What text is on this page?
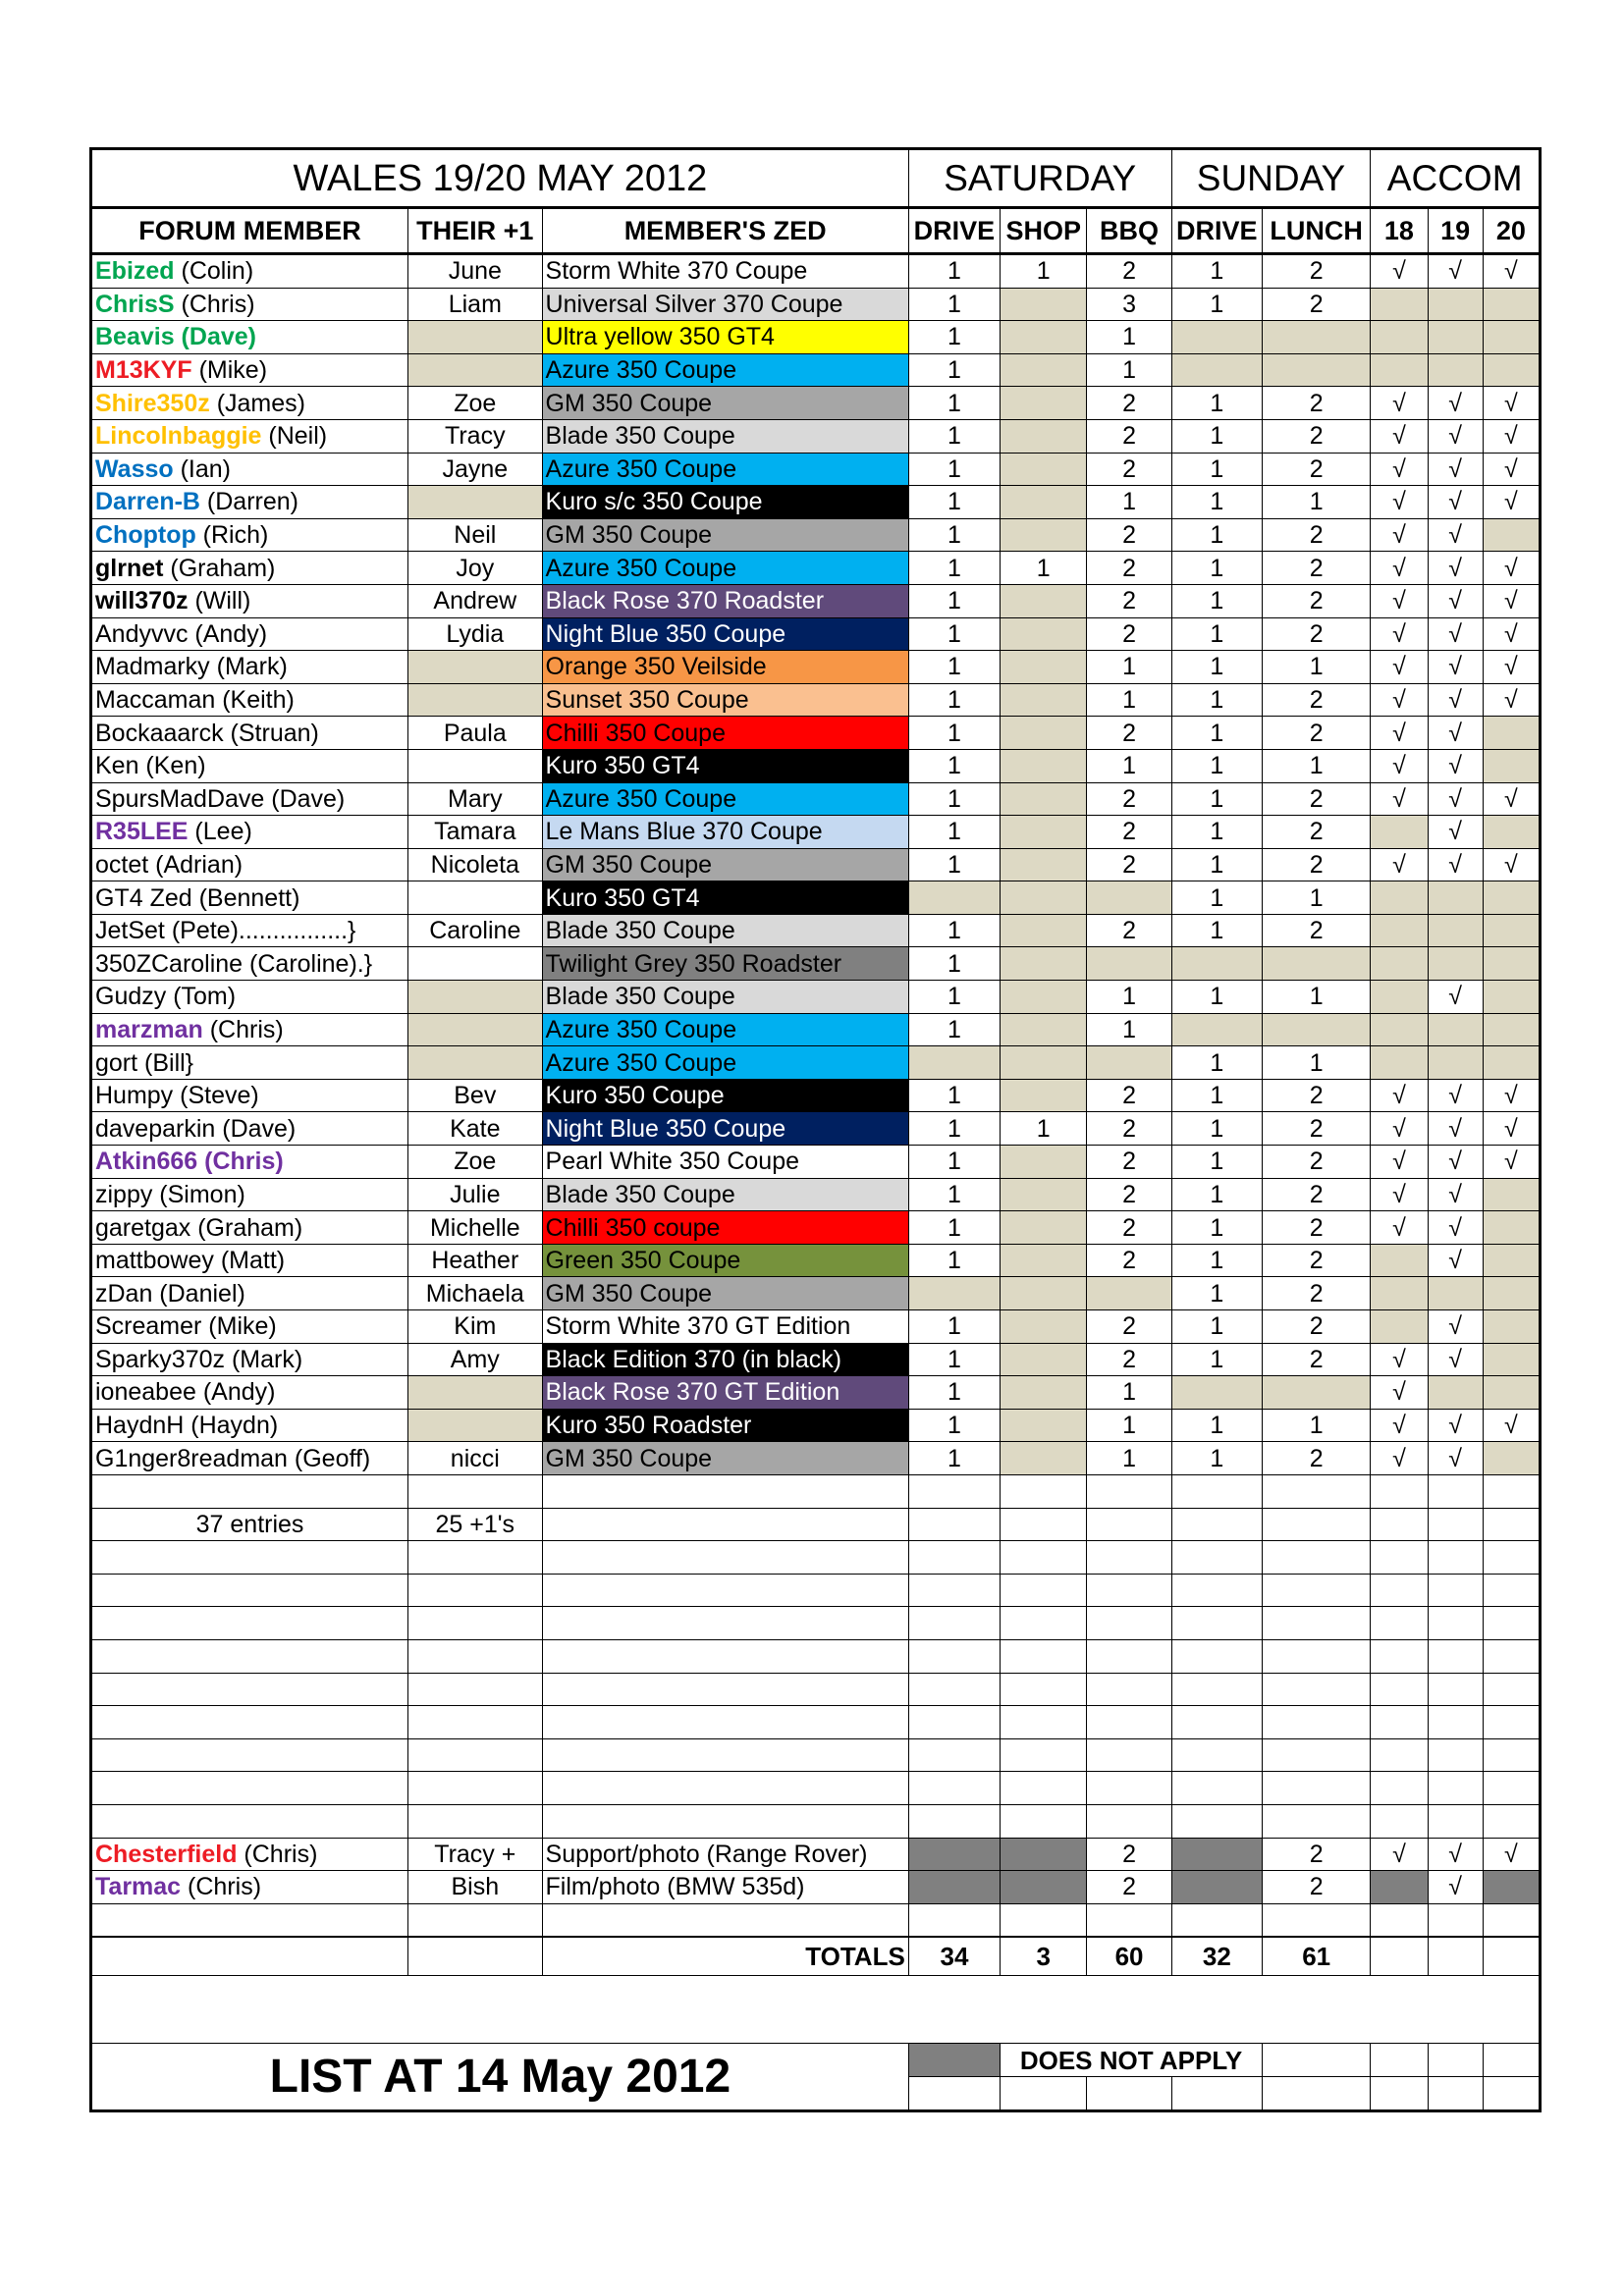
WALES 19/20 MAY 2012			SATURDAY			SUNDAY		ACCOM		
FORUM MEMBER	THEIR +1	MEMBER'S ZED	DRIVE	SHOP	BBQ	DRIVE	LUNCH	18	19	20
Ebized (Colin)	June	Storm White 370 Coupe	1	1	2	1	2	√	√	√
ChrisS (Chris)	Liam	Universal Silver 370 Coupe	1		3	1	2			
Beavis (Dave)		Ultra yellow 350 GT4	1		1					
M13KYF (Mike)		Azure 350 Coupe	1		1					
Shire350z (James)	Zoe	GM 350 Coupe	1		2	1	2	√	√	√
Lincolnbaggie (Neil)	Tracy	Blade 350 Coupe	1		2	1	2	√	√	√
Wasso (Ian)	Jayne	Azure 350 Coupe	1		2	1	2	√	√	√
Darren-B (Darren)		Kuro s/c 350 Coupe	1		1	1	1	√	√	√
Choptop (Rich)	Neil	GM 350 Coupe	1		2	1	2	√	√	
glrnet (Graham)	Joy	Azure 350 Coupe	1	1	2	1	2	√	√	√
will370z (Will)	Andrew	Black Rose 370 Roadster	1		2	1	2	√	√	√
Andyvvc (Andy)	Lydia	Night Blue 350 Coupe	1		2	1	2	√	√	√
Madmarky (Mark)		Orange 350 Veilside	1		1	1	1	√	√	√
Maccaman (Keith)		Sunset 350 Coupe	1		1	1	2	√	√	√
Bockaaarck (Struan)	Paula	Chilli 350 Coupe	1		2	1	2	√	√	
Ken (Ken)		Kuro 350 GT4	1		1	1	1	√	√	
SpursMadDave (Dave)	Mary	Azure 350 Coupe	1		2	1	2	√	√	√
R35LEE (Lee)	Tamara	Le Mans Blue 370 Coupe	1		2	1	2		√	
octet (Adrian)	Nicoleta	GM 350 Coupe	1		2	1	2	√	√	√
GT4 Zed (Bennett)		Kuro 350 GT4				1	1			
JetSet (Pete)................}	Caroline	Blade 350 Coupe	1		2	1	2			
350ZCaroline (Caroline).}		Twilight Grey 350 Roadster	1							
Gudzy (Tom)		Blade 350 Coupe	1		1	1	1		√	
marzman (Chris)		Azure 350 Coupe	1		1					
gort (Bill}		Azure 350 Coupe				1	1			
Humpy (Steve)	Bev	Kuro 350 Coupe	1		2	1	2	√	√	√
daveparkin (Dave)	Kate	Night Blue 350 Coupe	1	1	2	1	2	√	√	√
Atkin666 (Chris)	Zoe	Pearl White 350 Coupe	1		2	1	2	√	√	√
zippy (Simon)	Julie	Blade 350 Coupe	1		2	1	2	√	√	
garetgax (Graham)	Michelle	Chilli 350 coupe	1		2	1	2	√	√	
mattbowey (Matt)	Heather	Green 350 Coupe	1		2	1	2		√	
zDan (Daniel)	Michaela	GM 350 Coupe				1	2			
Screamer (Mike)	Kim	Storm White 370 GT Edition	1		2	1	2		√	
Sparky370z (Mark)	Amy	Black Edition 370 (in black)	1		2	1	2	√	√	
ioneabee (Andy)		Black Rose 370 GT Edition	1		1			√		
HaydnH (Haydn)		Kuro 350 Roadster	1		1	1	1	√	√	√
G1nger8readman (Geoff)	nicci	GM 350 Coupe	1		1	1	2	√	√	

37 entries	25 +1's									

Chesterfield (Chris)	Tracy +	Support/photo (Range Rover)			2		2	√	√	√
Tarmac (Chris)	Bish	Film/photo (BMW 535d)			2		2		√	

		TOTALS	34	3	60	32	61			

LIST AT 14 May 2012				DOES NOT APPLY						
